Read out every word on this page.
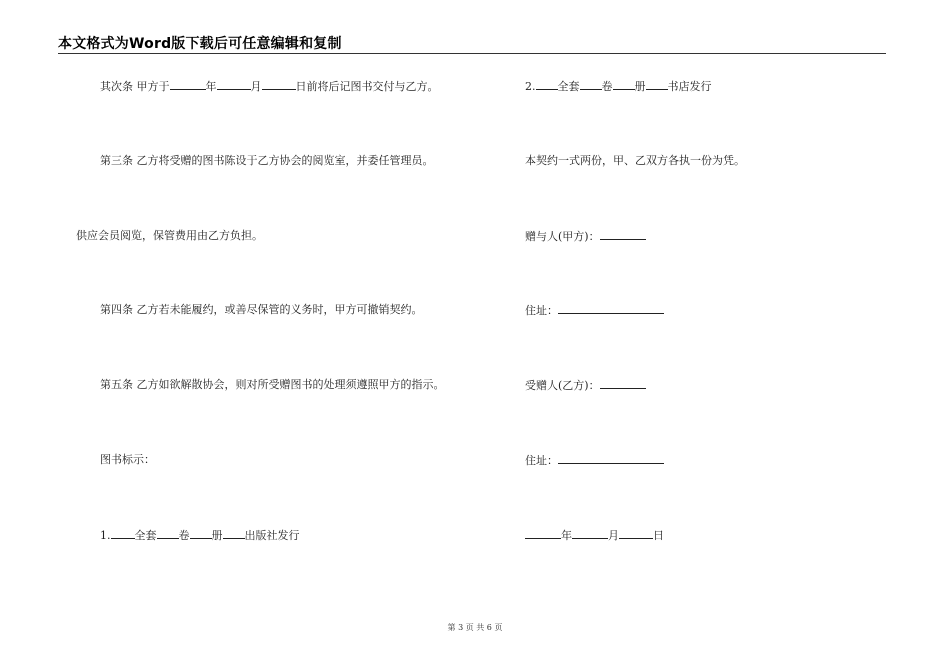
本文格式为Word版下载后可任意编辑和复制
其次条 甲方于	年	月	日前将后记图书交付与乙方。
第三条 乙方将受赠的图书陈设于乙方协会的阅览室，并委任管理员。
供应会员阅览，保管费用由乙方负担。
第四条 乙方若未能履约，或善尽保管的义务时，甲方可撤销契约。
第五条 乙方如欲解散协会，则对所受赠图书的处理须遵照甲方的指示。
图书标示：
1. 全套 卷 册 出版社发行
2. 全套 卷 册 书店发行
本契约一式两份，甲、乙双方各执一份为凭。
赠与人(甲方)：
住址：
受赠人(乙方)：
住址：
年	月	日
第 3 页 共 6 页
